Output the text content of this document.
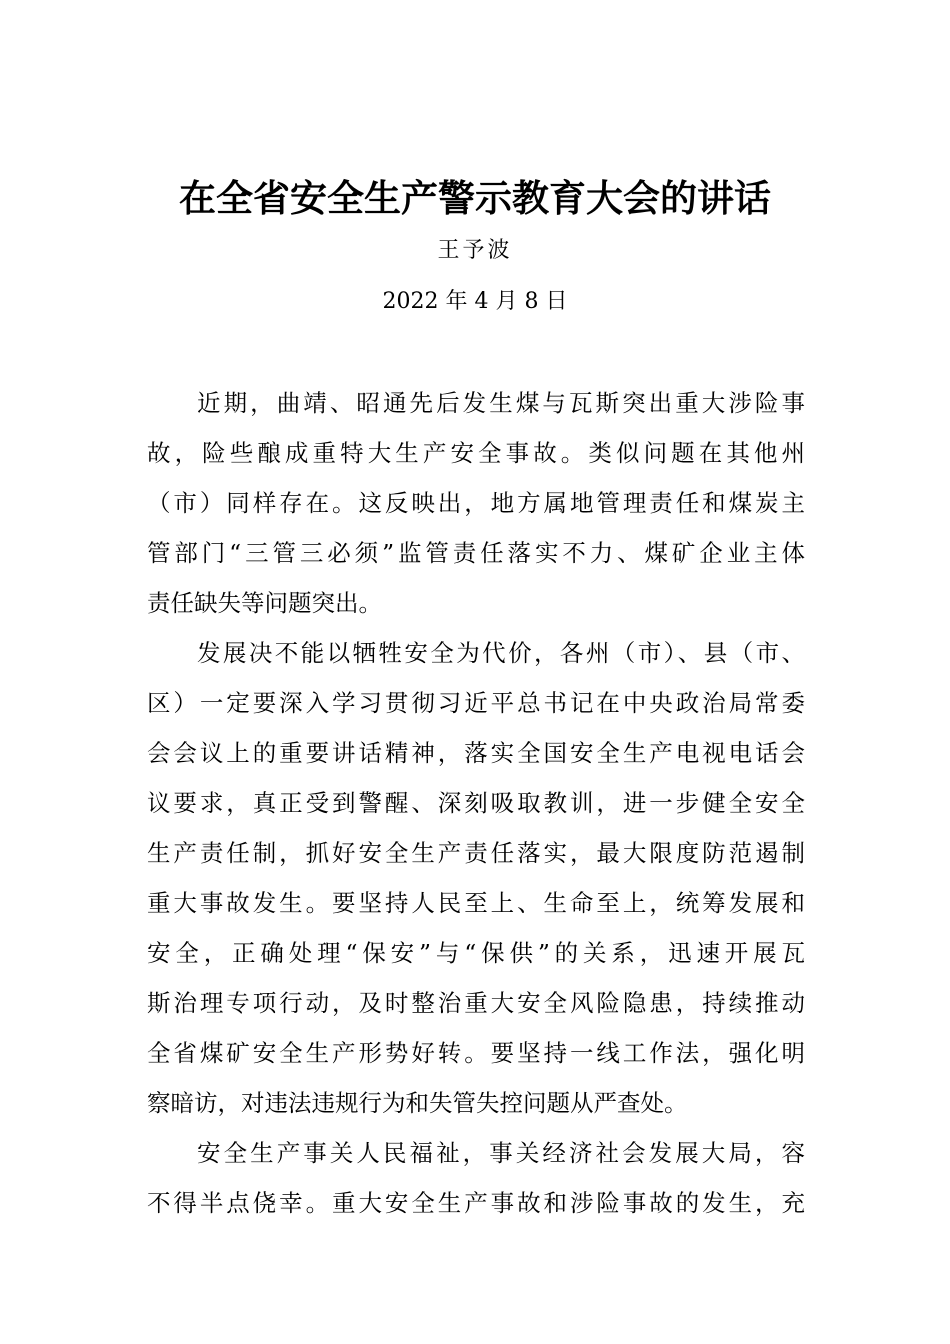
在全省安全生产警示教育大会的讲话
王予波
2022 年 4 月 8 日
近期，曲靖、昭通先后发生煤与瓦斯突出重大涉险事
故，险些酿成重特大生产安全事故。类似问题在其他州
（市）同样存在。这反映出，地方属地管理责任和煤炭主
管部门“三管三必须”监管责任落实不力、煤矿企业主体
责任缺失等问题突出。
发展决不能以牺牲安全为代价，各州（市）、县（市、
区）一定要深入学习贯彻习近平总书记在中央政治局常委
会会议上的重要讲话精神，落实全国安全生产电视电话会
议要求，真正受到警醒、深刻吸取教训，进一步健全安全
生产责任制，抓好安全生产责任落实，最大限度防范遏制
重大事故发生。要坚持人民至上、生命至上，统筹发展和
安全，正确处理“保安”与“保供”的关系，迅速开展瓦
斯治理专项行动，及时整治重大安全风险隐患，持续推动
全省煤矿安全生产形势好转。要坚持一线工作法，强化明
察暗访，对违法违规行为和失管失控问题从严查处。
安全生产事关人民福祉，事关经济社会发展大局，容
不得半点侥幸。重大安全生产事故和涉险事故的发生，充
